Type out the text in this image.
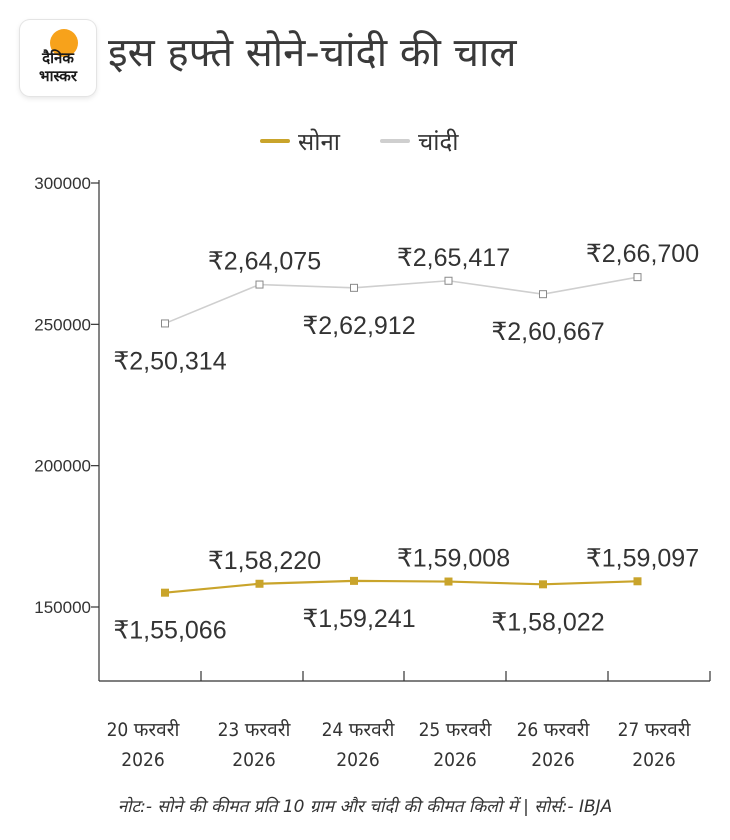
दैनिक
भास्कर इस हफ्ते सोने-चांदी की चाल
सोना	चांदी
150000
200000
250000
300000
20 फरवरी
2026
23 फरवरी
2026
24 फरवरी
2026
25 फरवरी
2026
26 फरवरी
2026
27 फरवरी
2026
₹1,55,066
₹1,58,220
₹1,59,241
₹1,59,008
₹1,58,022
₹1,59,097
₹2,50,314
₹2,64,075
₹2,62,912
₹2,65,417
₹2,60,667
₹2,66,700
नोट:- सोने की कीमत प्रति 10 ग्राम और चांदी की कीमत किलो में | सोर्स:- IBJA
